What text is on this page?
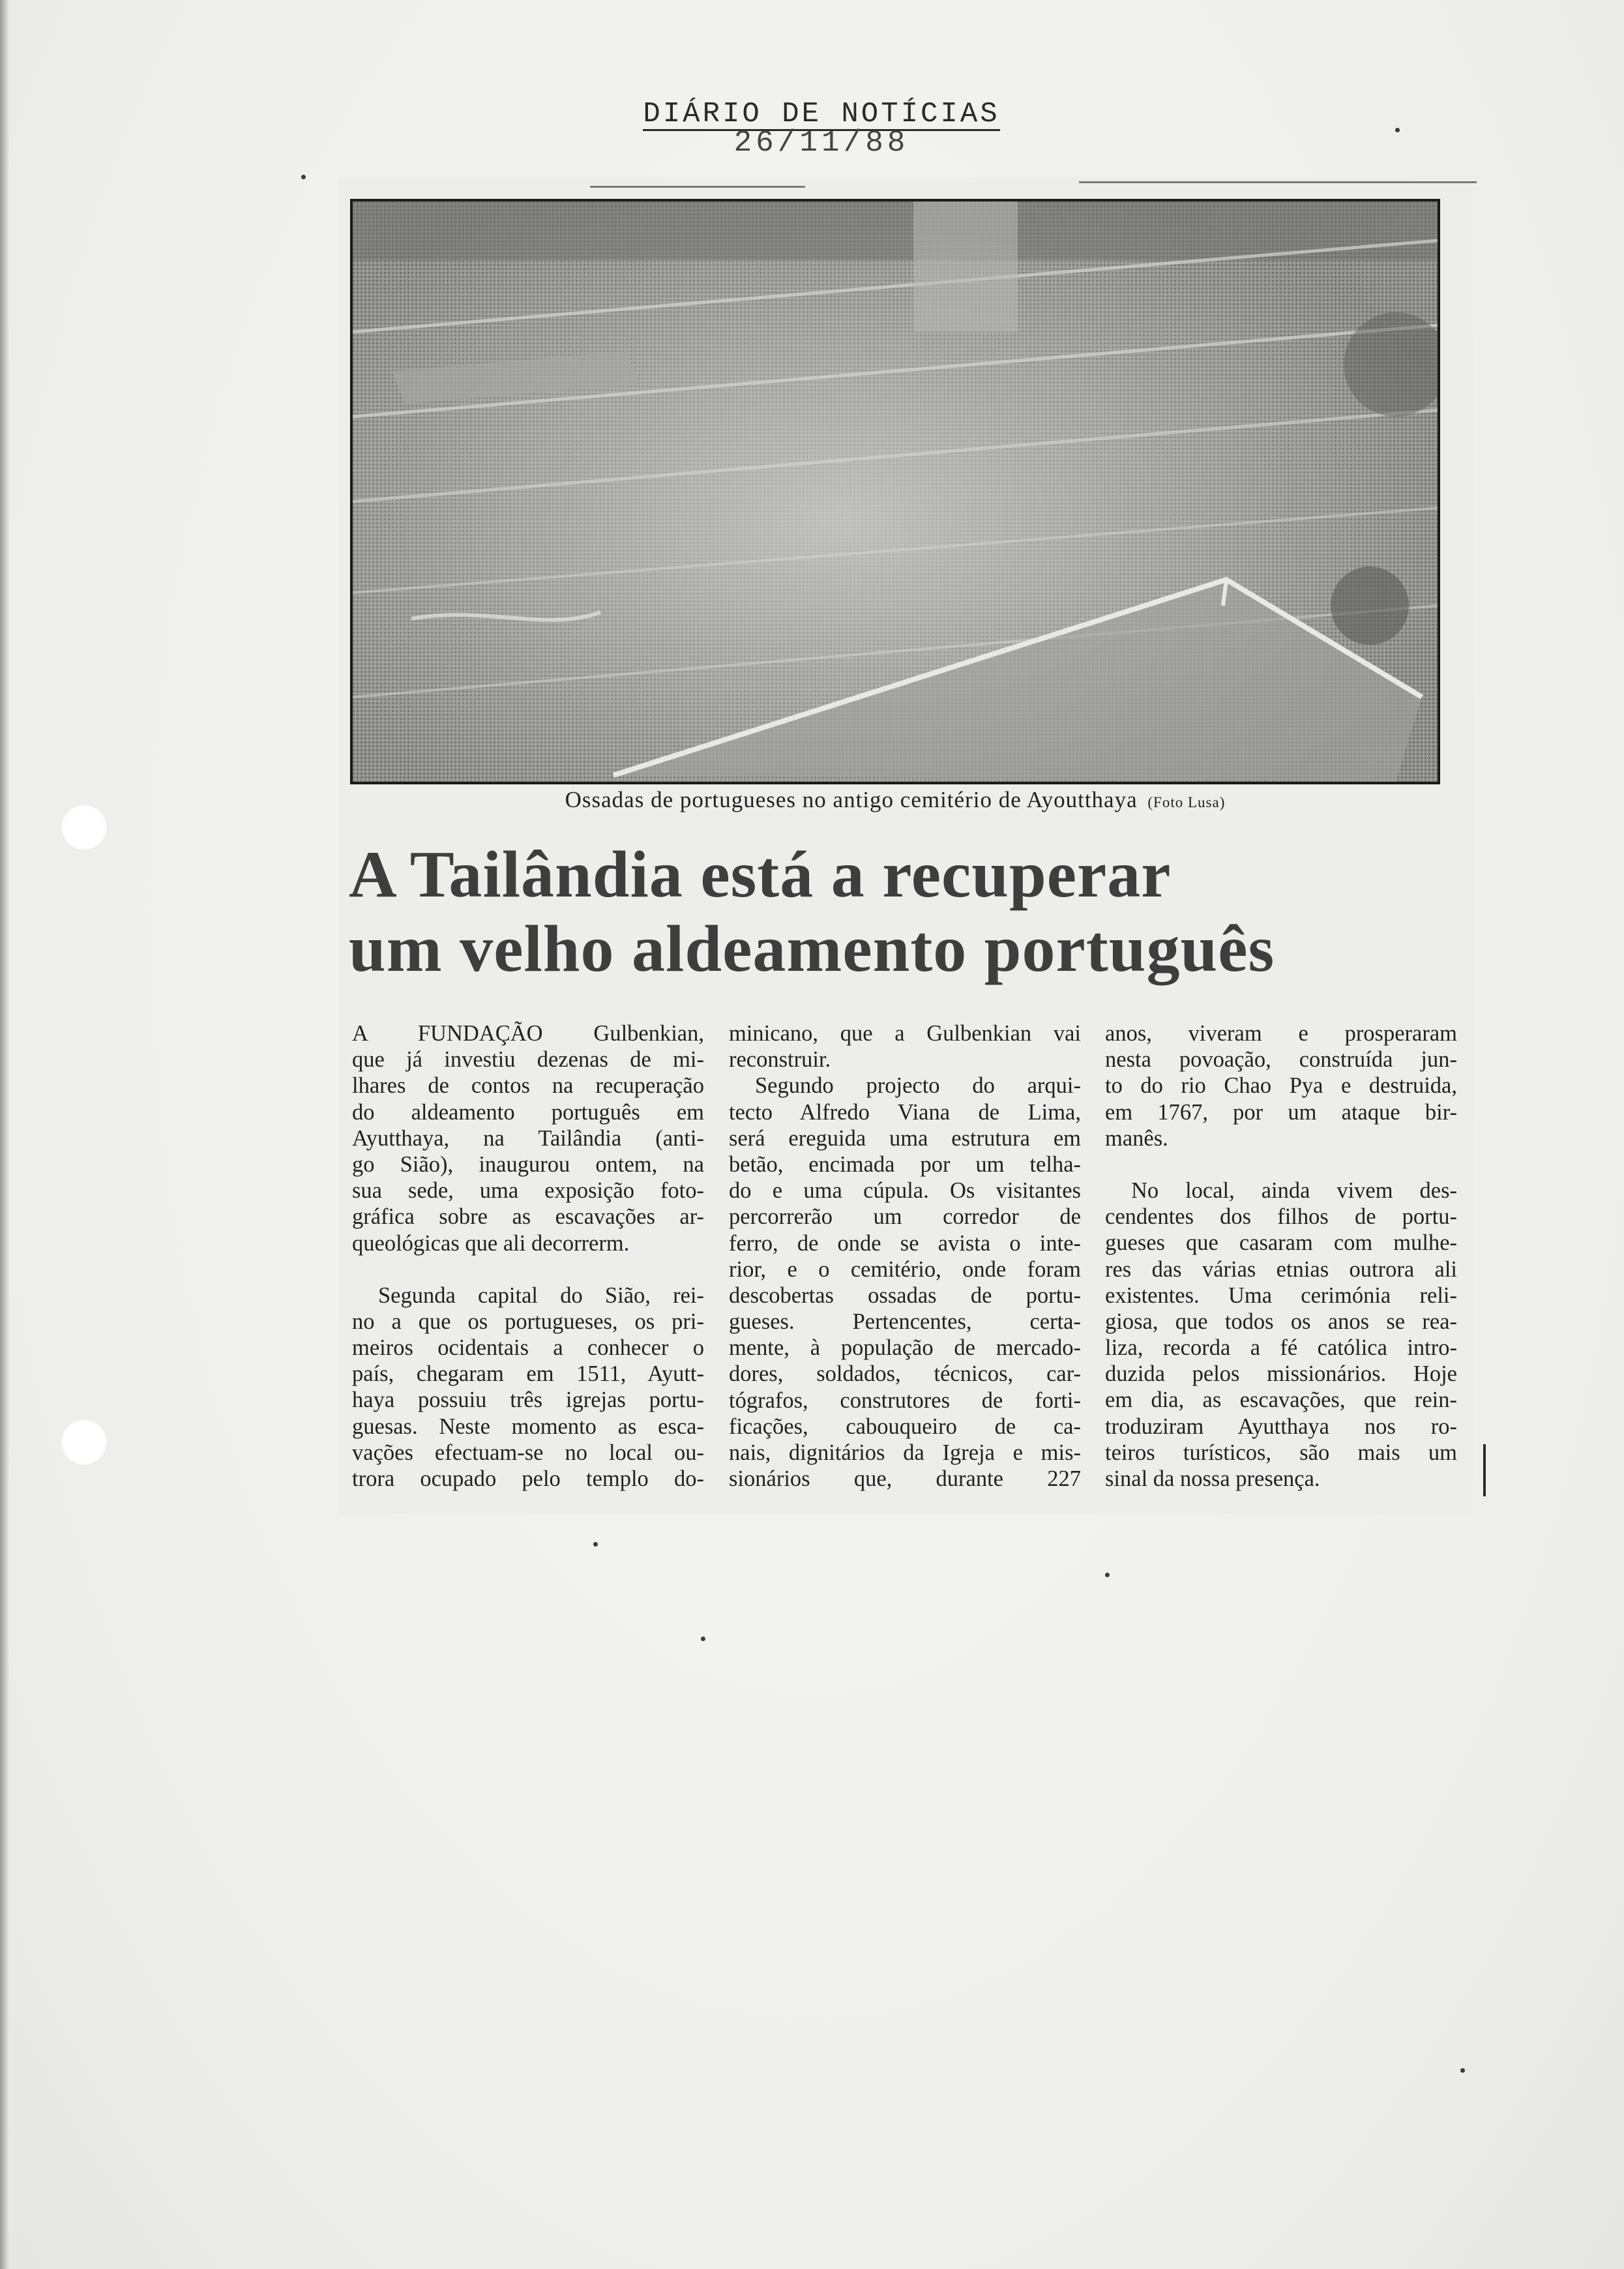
DIÁRIO DE NOTÍCIAS
26/11/88
Ossadas de portugueses no antigo cemitério de Ayoutthaya (Foto Lusa)
A Tailândia está a recuperar
um velho aldeamento português

A FUNDAÇÃO Gulbenkian,
que já investiu dezenas de mi-
lhares de contos na recuperação
do aldeamento português em
Ayutthaya, na Tailândia (anti-
go Sião), inaugurou ontem, na
sua sede, uma exposição foto-
gráfica sobre as escavações ar-
queológicas que ali decorrerm.

Segunda capital do Sião, rei-
no a que os portugueses, os pri-
meiros ocidentais a conhecer o
país, chegaram em 1511, Ayutt-
haya possuiu três igrejas portu-
guesas. Neste momento as esca-
vações efectuam-se no local ou-
trora ocupado pelo templo do-

minicano, que a Gulbenkian vai
reconstruir.

Segundo projecto do arqui-
tecto Alfredo Viana de Lima,
será ereguida uma estrutura em
betão, encimada por um telha-
do e uma cúpula. Os visitantes
percorrerão um corredor de
ferro, de onde se avista o inte-
rior, e o cemitério, onde foram
descobertas ossadas de portu-
gueses. Pertencentes, certa-
mente, à população de mercado-
dores, soldados, técnicos, car-
tógrafos, construtores de forti-
ficações, cabouqueiro de ca-
nais, dignitários da Igreja e mis-
sionários que, durante 227

anos, viveram e prosperaram
nesta povoação, construída jun-
to do rio Chao Pya e destruida,
em 1767, por um ataque bir-
manês.

No local, ainda vivem des-
cendentes dos filhos de portu-
gueses que casaram com mulhe-
res das várias etnias outrora ali
existentes. Uma cerimónia reli-
giosa, que todos os anos se rea-
liza, recorda a fé católica intro-
duzida pelos missionários. Hoje
em dia, as escavações, que rein-
troduziram Ayutthaya nos ro-
teiros turísticos, são mais um
sinal da nossa presença.
